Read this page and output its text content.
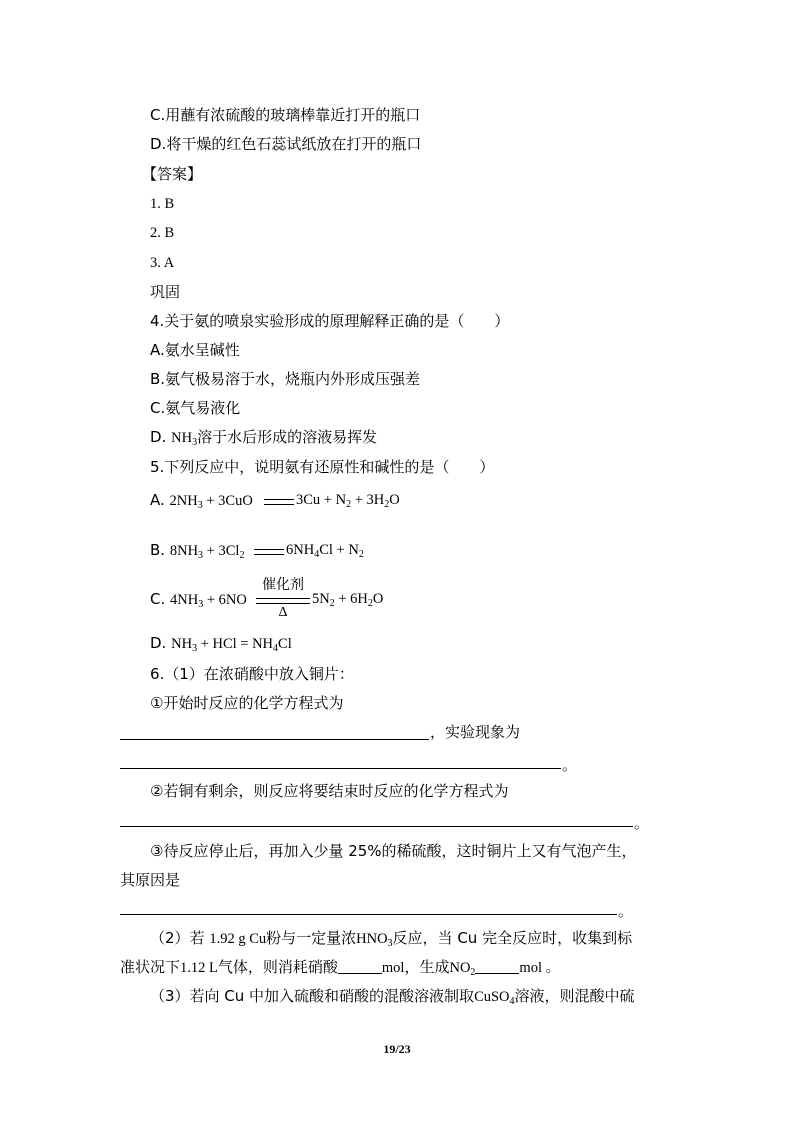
C.用蘸有浓硫酸的玻璃棒靠近打开的瓶口
D.将干燥的红色石蕊试纸放在打开的瓶口
【答案】
1. B
2. B
3. A
巩固
4.关于氨的喷泉实验形成的原理解释正确的是（　　）
A.氨水呈碱性
B.氨气极易溶于水，烧瓶内外形成压强差
C.氨气易液化
D. $NH_3$溶于水后形成的溶液易挥发
5.下列反应中，说明氨有还原性和碱性的是（　　）
A. $2NH_3 + 3CuO$	$3Cu + N_2 + 3H_2O$
B. $8NH_3 + 3Cl_2$	$6NH_4Cl + N_2$
C. $4NH_3 + 6NO$
催化剂
Δ
$5N_2 + 6H_2O$
D. $NH_3$ + HCl = $NH_4Cl$
6.（1）在浓硝酸中放入铜片：
①开始时反应的化学方程式为
，实验现象为
。
②若铜有剩余，则反应将要结束时反应的化学方程式为
。
③待反应停止后，再加入少量 25%的稀硫酸，这时铜片上又有气泡产生，
其原因是
。
（2）若 1.92 g Cu粉与一定量浓$HNO_3$反应，当 Cu 完全反应时，收集到标
准状况下1.12 L气体，则消耗硝酸	mol，生成$NO_2$	mol 。
（3）若向 Cu 中加入硫酸和硝酸的混酸溶液制取CuSO$_4$溶液，则混酸中硫
19/23
